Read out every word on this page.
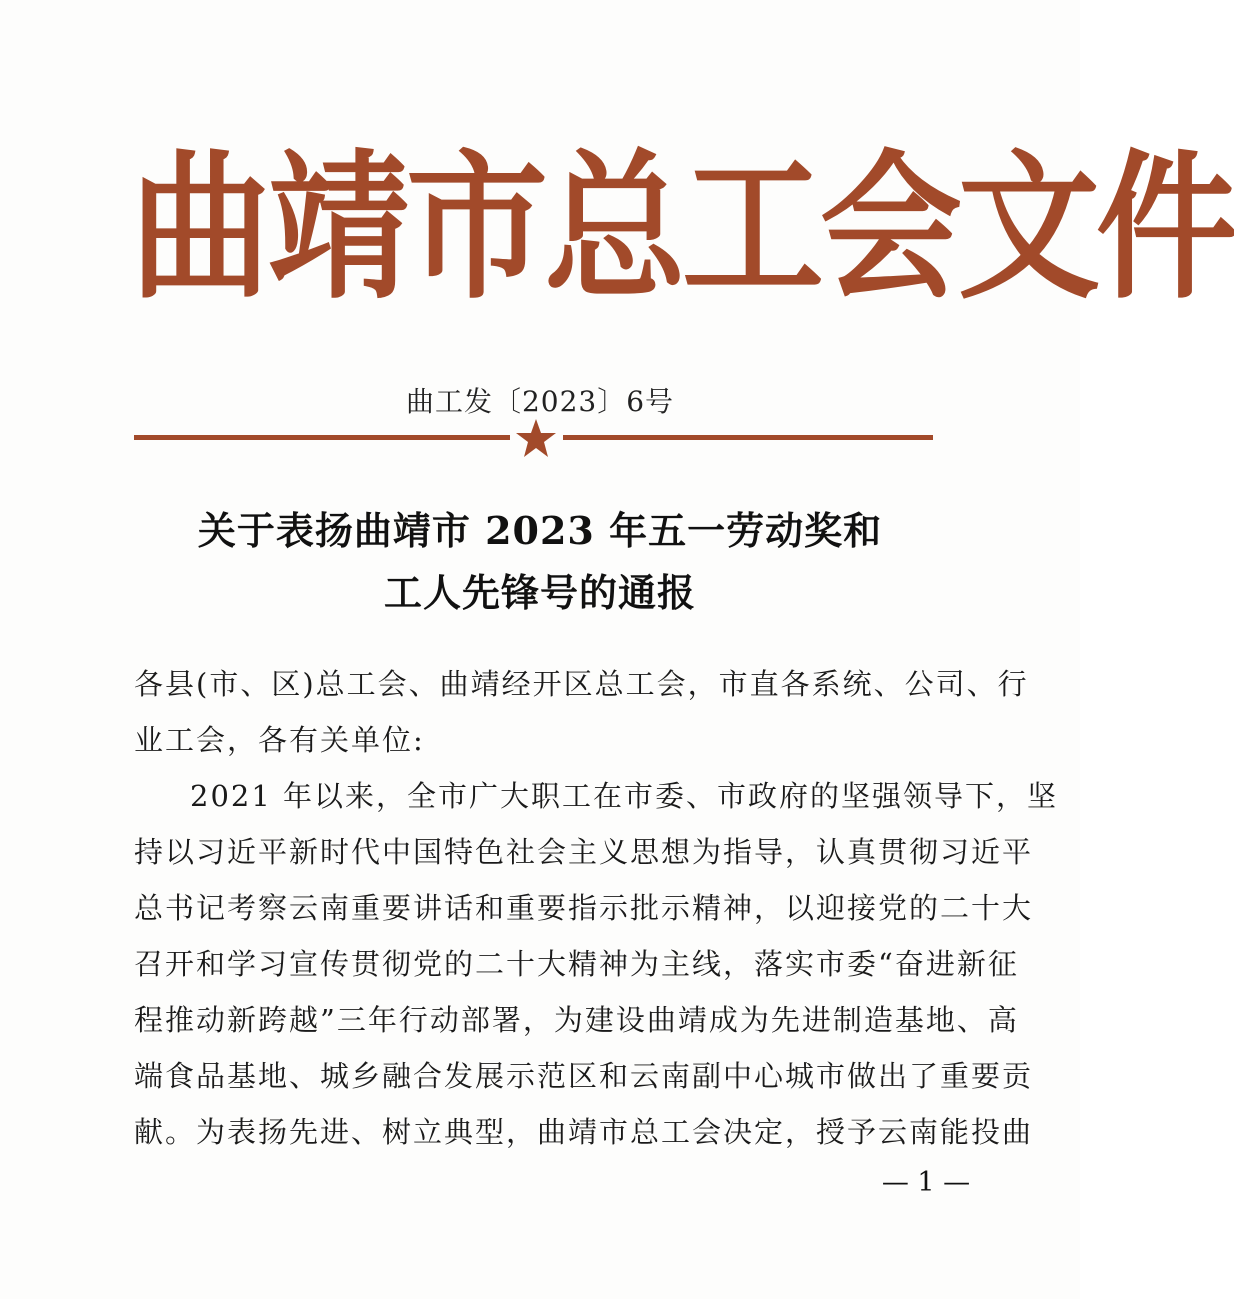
曲靖市总工会文件
曲工发〔2023〕6号
关于表扬曲靖市 2023 年五一劳动奖和
工人先锋号的通报
各县(市、区)总工会、曲靖经开区总工会，市直各系统、公司、行
业工会，各有关单位:
2021 年以来，全市广大职工在市委、市政府的坚强领导下，坚
持以习近平新时代中国特色社会主义思想为指导，认真贯彻习近平
总书记考察云南重要讲话和重要指示批示精神，以迎接党的二十大
召开和学习宣传贯彻党的二十大精神为主线，落实市委“奋进新征
程推动新跨越”三年行动部署，为建设曲靖成为先进制造基地、高
端食品基地、城乡融合发展示范区和云南副中心城市做出了重要贡
献。为表扬先进、树立典型，曲靖市总工会决定，授予云南能投曲
— 1 —
